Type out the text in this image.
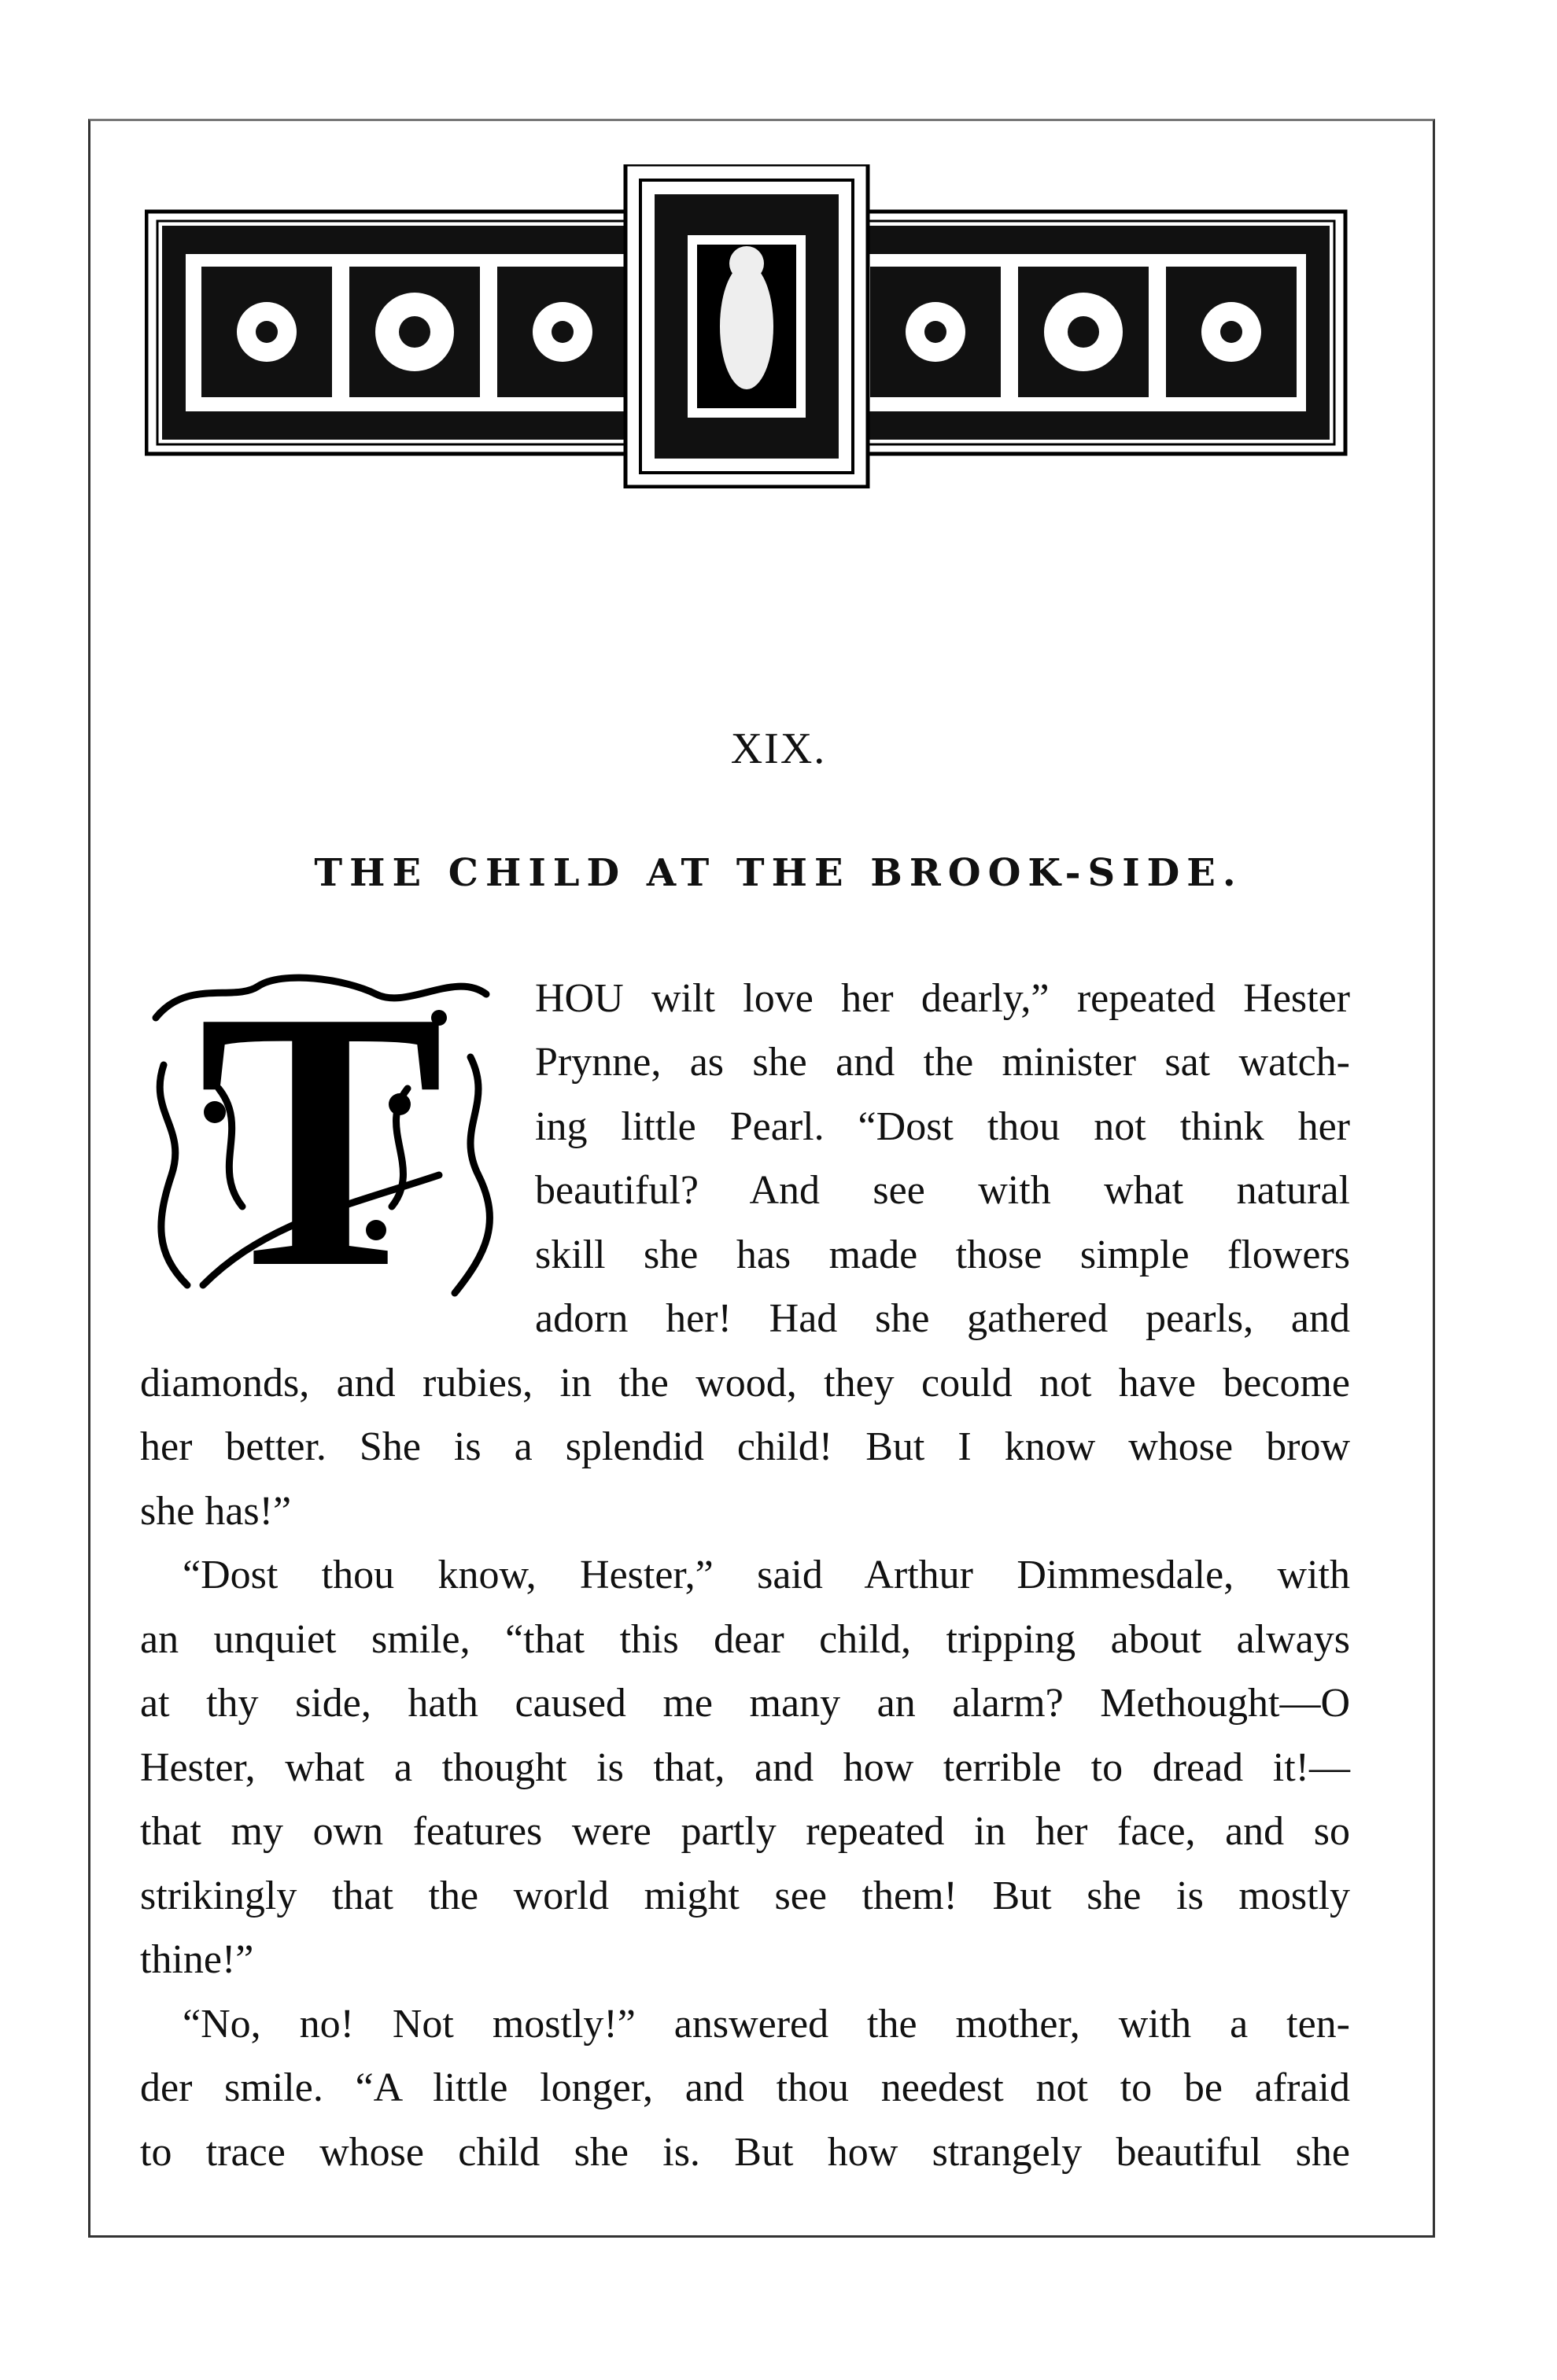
XIX.
THE CHILD AT THE BROOK-SIDE.
T	HOU wilt love her dearly,” repeated Hester
Prynne, as she and the minister sat watch-
ing little Pearl. “Dost thou not think her
beautiful? And see with what natural
skill she has made those simple flowers
adorn her! Had she gathered pearls, and
diamonds, and rubies, in the wood, they could not have become
her better. She is a splendid child! But I know whose brow
she has!”
“Dost thou know, Hester,” said Arthur Dimmesdale, with
an unquiet smile, “that this dear child, tripping about always
at thy side, hath caused me many an alarm? Methought—O
Hester, what a thought is that, and how terrible to dread it!—
that my own features were partly repeated in her face, and so
strikingly that the world might see them! But she is mostly
thine!”
“No, no! Not mostly!” answered the mother, with a ten-
der smile. “A little longer, and thou needest not to be afraid
to trace whose child she is. But how strangely beautiful she
